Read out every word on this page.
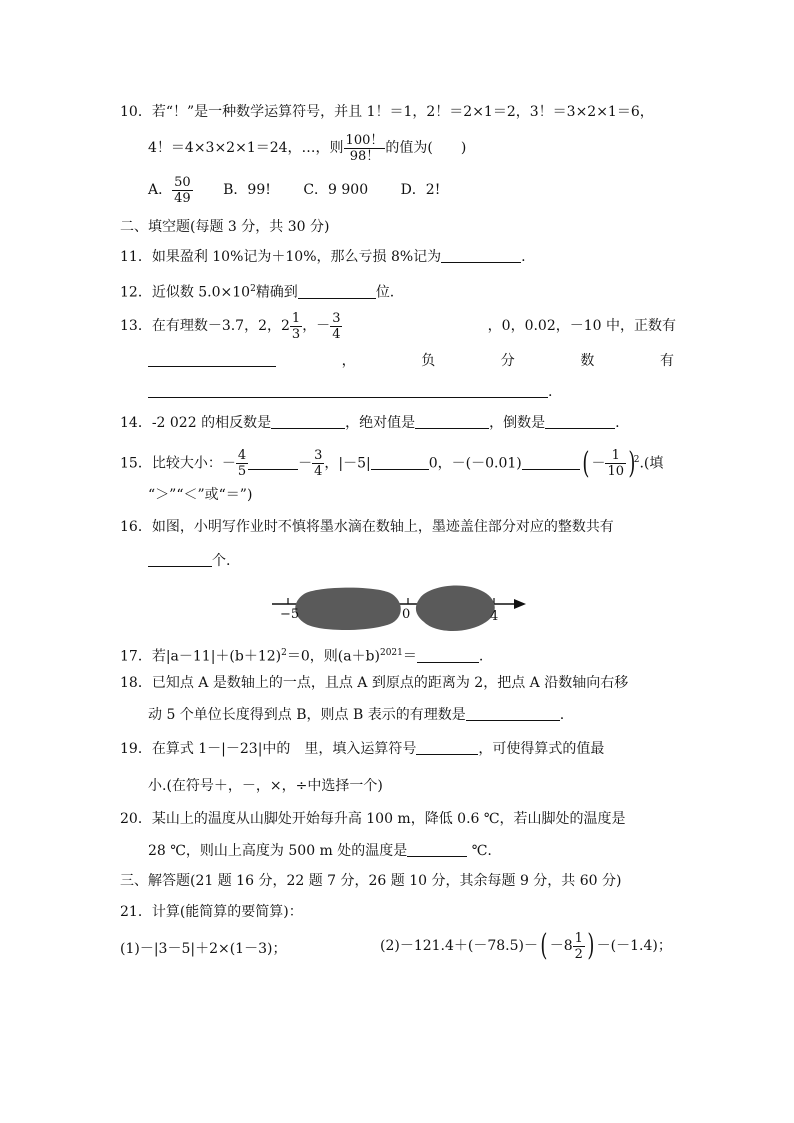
10．若“！”是一种数学运算符号，并且 1！＝1，2！＝2×1＝2，3！＝3×2×1＝6，
4！＝4×3×2×1＝24，…，则 $\frac{100!}{98!}$ 的值为(　　)
A． $\frac{50}{49}$ B．99! C．9 900 D．2!
二、填空题(每题 3 分，共 30 分)
11．如果盈利 10%记为＋10%，那么亏损 8%记为	.
12．近似数 $5.0\times 10^2$精确到	位.
13．在有理数－3.7，2，$2 \frac{1}{3}$ ，－ $\frac{3}{4}$	，0，0.02，－10 中，正数有
，	负	分	数	有
.
14．-2 022 的相反数是	，绝对值是	，倒数是	.
15．比较大小：－ $\frac{4}{5}$	－ $\frac{3}{4}$ ，|－5|	0，－(－0.01) ( － $\frac{1}{10} )^2$.(填
“＞”“＜”或“＝”)
16．如图，小明写作业时不慎将墨水滴在数轴上，墨迹盖住部分对应的整数共有
个.
−5	0	4
17．若$|a-11|+(b+12)^2=0$，则$(a+b)^{2021}=$	.
18．已知点 A 是数轴上的一点，且点 A 到原点的距离为 2，把点 A 沿数轴向右移
动 5 个单位长度得到点 B，则点 B 表示的有理数是	.
19．在算式 1－|－23|中的　里，填入运算符号	，可使得算式的值最
小.(在符号＋，－，×，÷中选择一个)
20．某山上的温度从山脚处开始每升高 100 m，降低 0.6 ℃，若山脚处的温度是
28 ℃，则山上高度为 500 m 处的温度是	℃.
三、解答题(21 题 16 分，22 题 7 分，26 题 10 分，其余每题 9 分，共 60 分)
21．计算(能简算的要简算)：
(1)－|3－5|＋2×(1－3)；	$(2)-121.4+(-78.5)-( -8 \frac{1}{2}$ ) －(－1.4)；
